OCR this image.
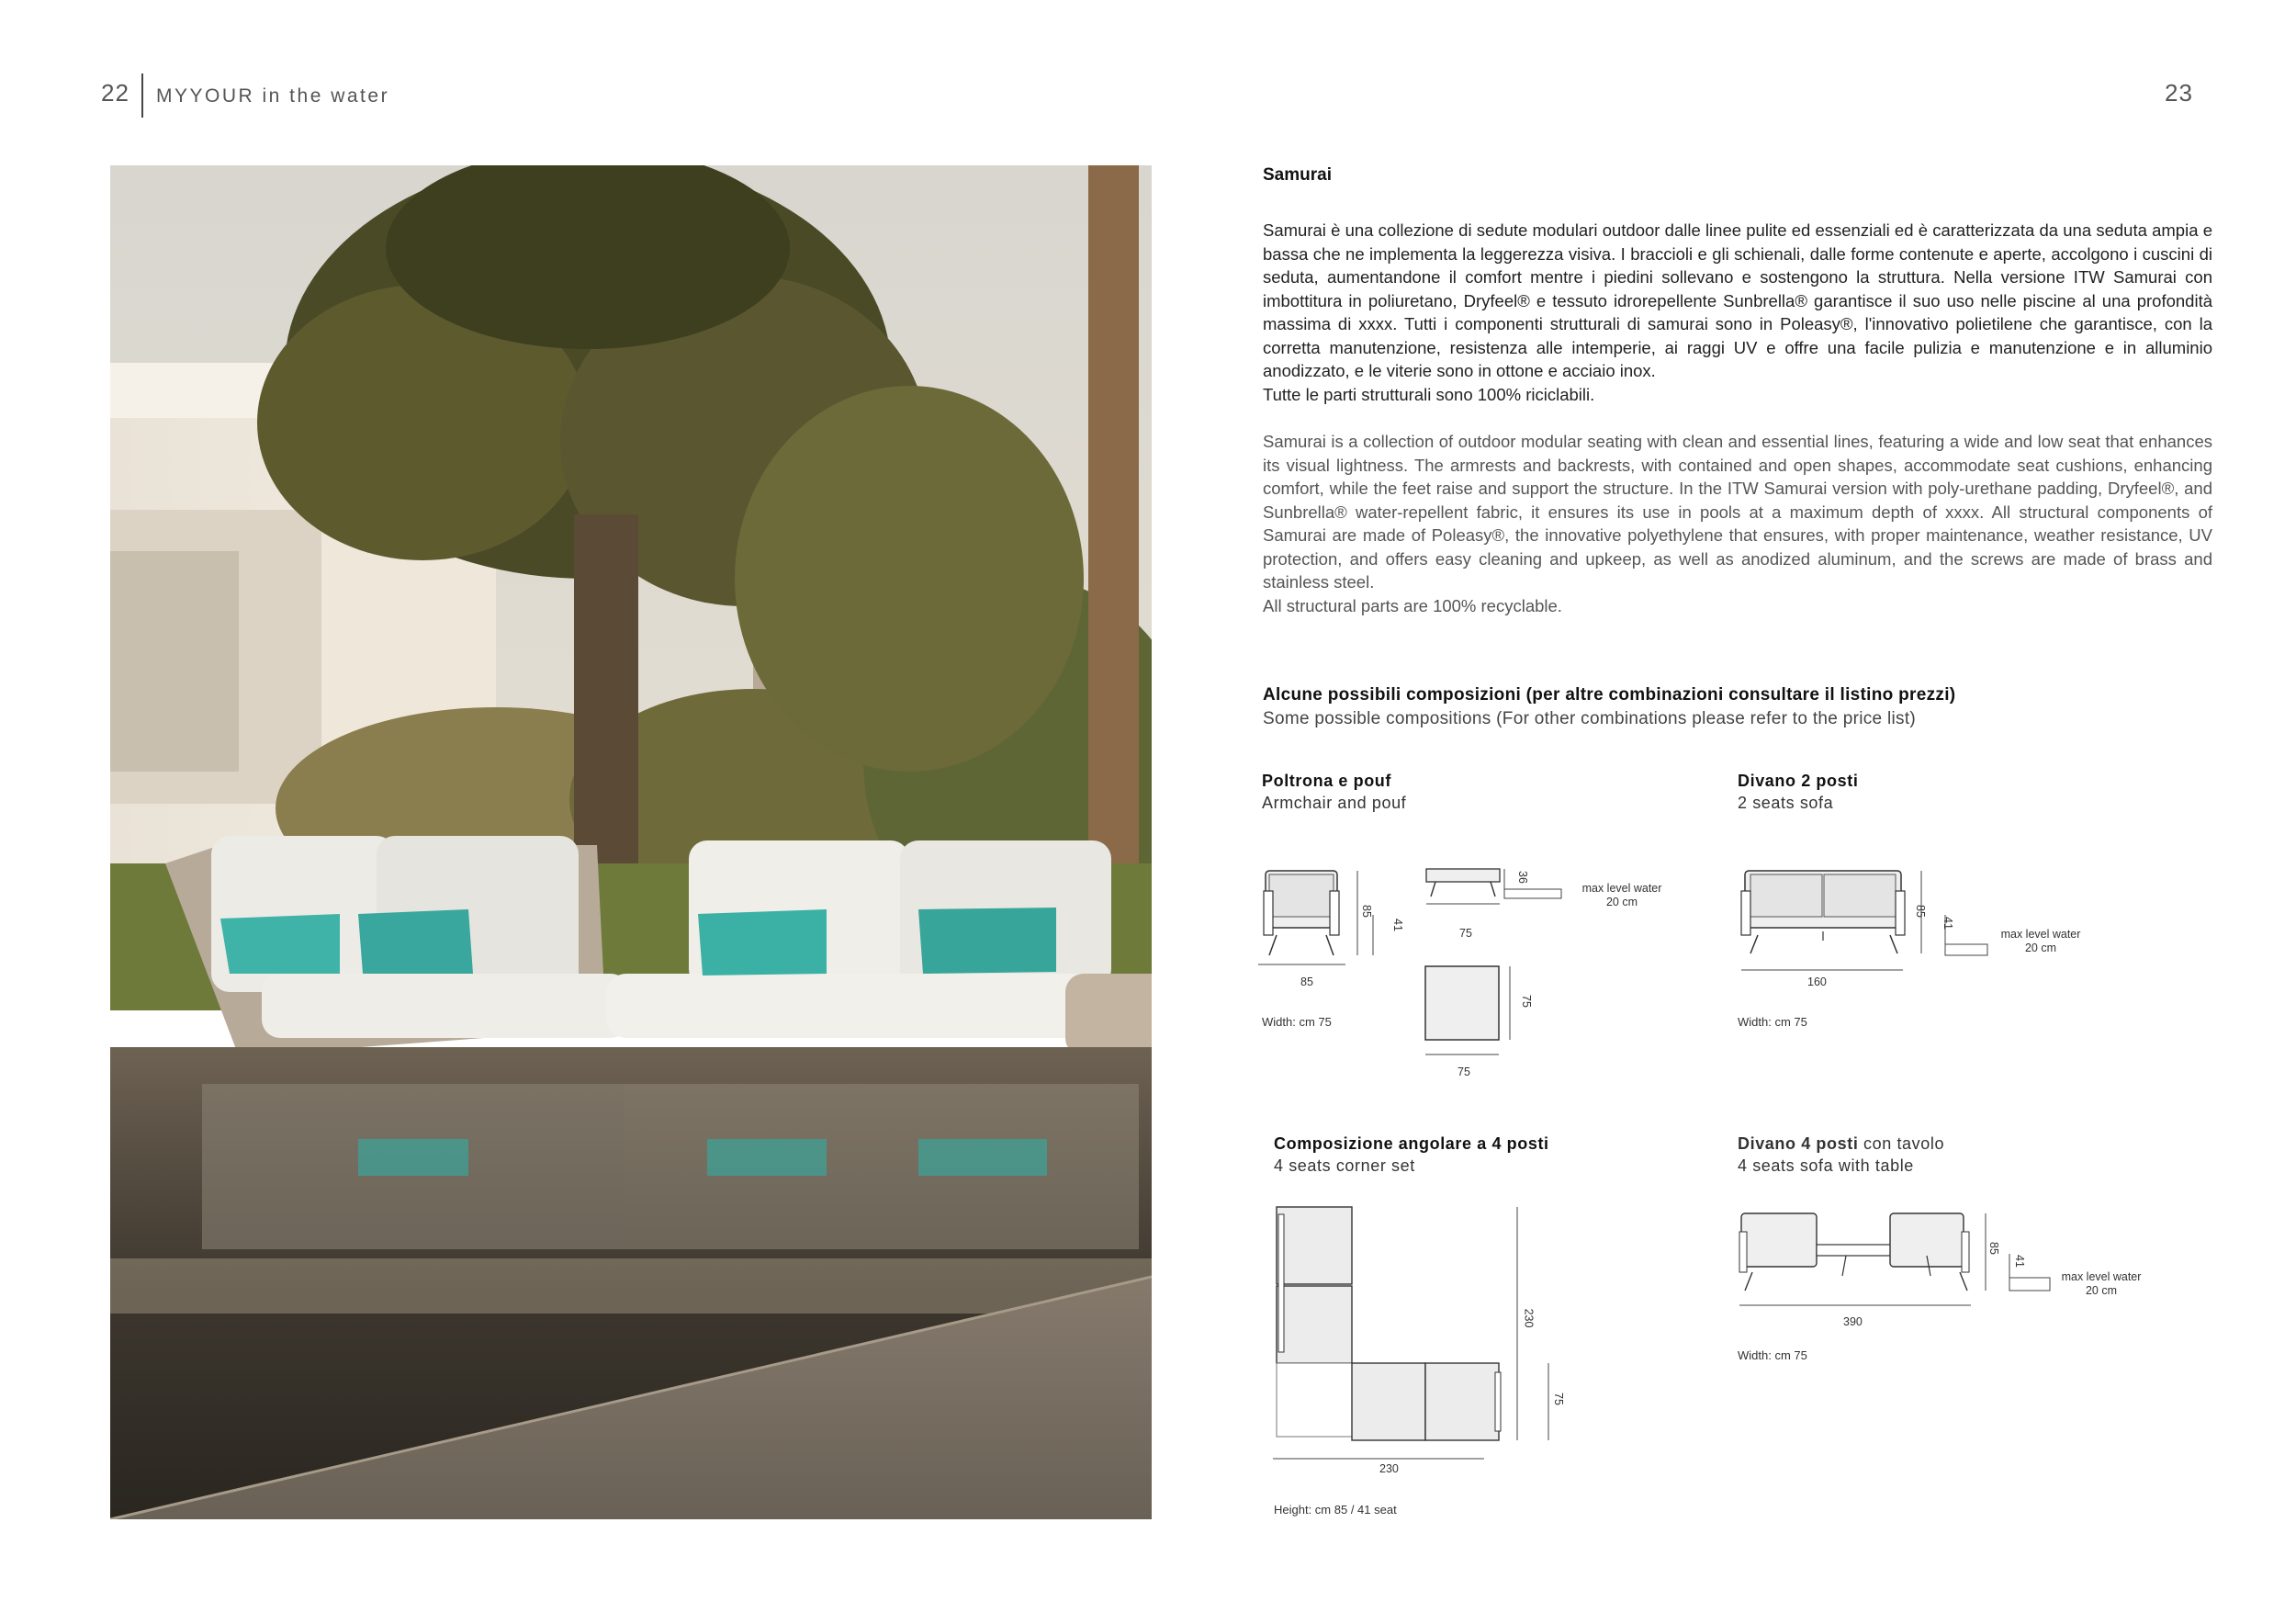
22 MYYOUR in the water	23
Samurai
Samurai è una collezione di sedute modulari outdoor dalle linee pulite ed essenziali ed è caratterizzata da una seduta ampia e bassa che ne implementa la leggerezza visiva. I braccioli e gli schienali, dalle forme contenute e aperte, accolgono i cuscini di seduta, aumentandone il comfort mentre i piedini sollevano e sostengono la struttura. Nella versione ITW Samurai con imbottitura in poliuretano, Dryfeel® e tessuto idrorepellente Sunbrella® garantisce il suo uso nelle piscine al una profondità massima di xxxx. Tutti i componenti strutturali di samurai sono in Poleasy®, l'innovativo polietilene che garantisce, con la corretta manutenzione, resistenza alle intemperie, ai raggi UV e offre una facile pulizia e manutenzione e in alluminio anodizzato, e le viterie sono in ottone e acciaio inox.
Tutte le parti strutturali sono 100% riciclabili.
Samurai is a collection of outdoor modular seating with clean and essential lines, featuring a wide and low seat that enhances its visual lightness. The armrests and backrests, with contained and open shapes, accommodate seat cushions, enhancing comfort, while the feet raise and support the structure. In the ITW Samurai version with poly-urethane padding, Dryfeel®, and Sunbrella® water-repellent fabric, it ensures its use in pools at a maximum depth of xxxx. All structural components of Samurai are made of Poleasy®, the innovative polyethylene that ensures, with proper maintenance, weather resistance, UV protection, and offers easy cleaning and upkeep, as well as anodized aluminum, and the screws are made of brass and stainless steel.
All structural parts are 100% recyclable.
Alcune possibili composizioni (per altre combinazioni consultare il listino prezzi)
Some possible compositions (For other combinations please refer to the price list)
Poltrona e pouf
Armchair and pouf
85
85
41
36
75
max level water 20 cm
75
75
Width: cm 75
Divano 2 posti
2 seats sofa
85
41
max level water 20 cm
160
Width: cm 75
Composizione angolare a 4 posti
4 seats corner set
230
75
230
Height: cm 85 / 41 seat
Divano 4 posti con tavolo
4 seats sofa with table
85
41
max level water 20 cm
390
Width: cm 75
